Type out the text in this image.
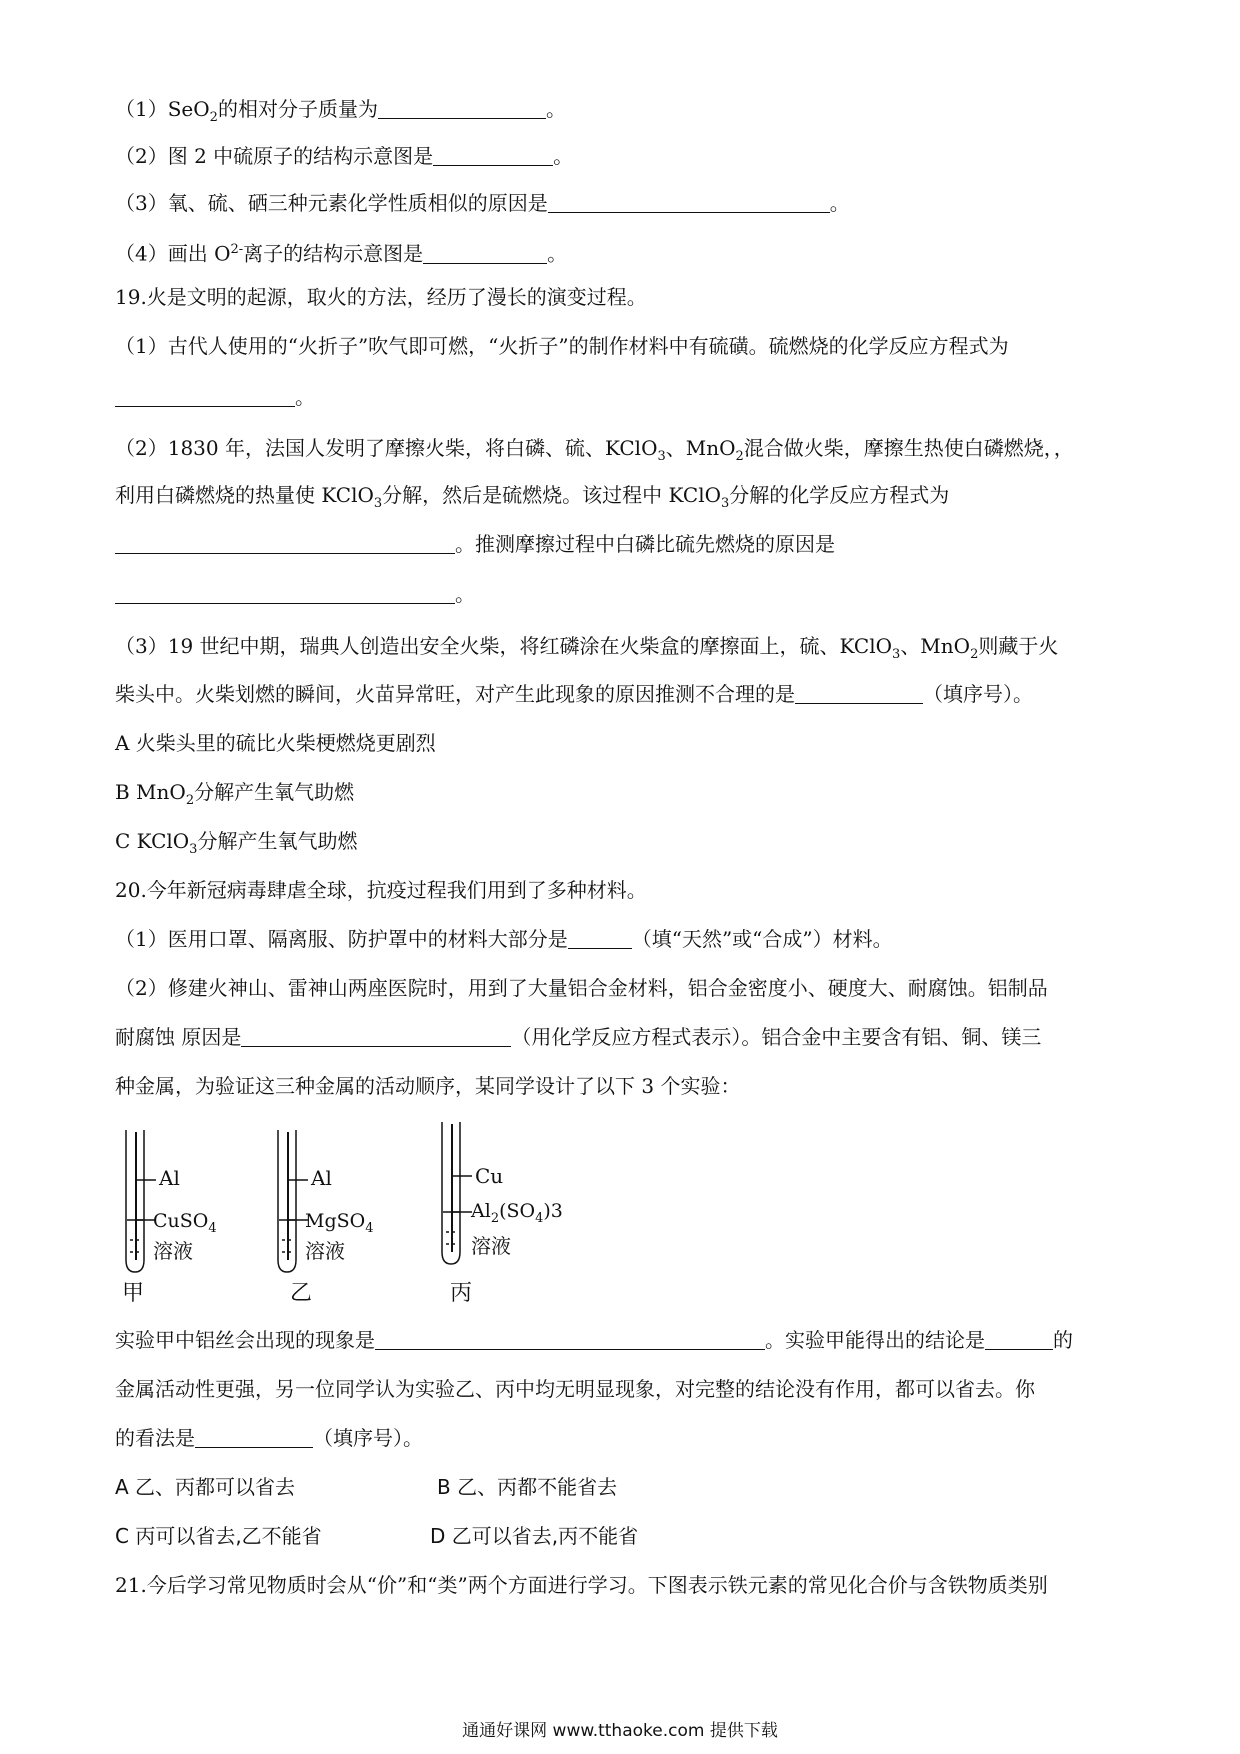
（1）SeO$_2$的相对分子质量为	。
（2）图 2 中硫原子的结构示意图是	。
（3）氧、硫、硒三种元素化学性质相似的原因是	。
（4）画出 $O^{2-}$离子的结构示意图是	。
19.火是文明的起源，取火的方法，经历了漫长的演变过程。
（1）古代人使用的“火折子”吹气即可燃，“火折子”的制作材料中有硫磺。硫燃烧的化学反应方程式为
。
（2）1830 年，法国人发明了摩擦火柴，将白磷、硫、KClO$_3$、MnO$_2$混合做火柴，摩擦生热使白磷燃烧，，
利用白磷燃烧的热量使 KClO$_3$分解，然后是硫燃烧。该过程中 KClO$_3$分解的化学反应方程式为
。推测摩擦过程中白磷比硫先燃烧的原因是
。
（3）19 世纪中期，瑞典人创造出安全火柴，将红磷涂在火柴盒的摩擦面上，硫、KClO$_3$、MnO$_2$则藏于火
柴头中。火柴划燃的瞬间，火苗异常旺，对产生此现象的原因推测不合理的是	（填序号）。
A 火柴头里的硫比火柴梗燃烧更剧烈
B MnO$_2$分解产生氧气助燃
C KClO$_3$分解产生氧气助燃
20.今年新冠病毒肆虐全球，抗疫过程我们用到了多种材料。
（1）医用口罩、隔离服、防护罩中的材料大部分是	（填“天然”或“合成”）材料。
（2）修建火神山、雷神山两座医院时，用到了大量铝合金材料，铝合金密度小、硬度大、耐腐蚀。铝制品
耐腐蚀 原因是	（用化学反应方程式表示）。铝合金中主要含有铝、铜、镁三
种金属，为验证这三种金属的活动顺序，某同学设计了以下 3 个实验：
Al
CuSO$_4$
溶液
甲
Al
MgSO$_4$
溶液
乙
Cu
$Al_2(SO_4)3$
溶液
丙
实验甲中铝丝会出现的现象是	。实验甲能得出的结论是	的
金属活动性更强，另一位同学认为实验乙、丙中均无明显现象，对完整的结论没有作用，都可以省去。你
的看法是	（填序号）。
A 乙、丙都可以省去	B 乙、丙都不能省去
C 丙可以省去,乙不能省	D 乙可以省去,丙不能省
21.今后学习常见物质时会从“价”和“类”两个方面进行学习。下图表示铁元素的常见化合价与含铁物质类别
通通好课网 www.tthaoke.com 提供下载
